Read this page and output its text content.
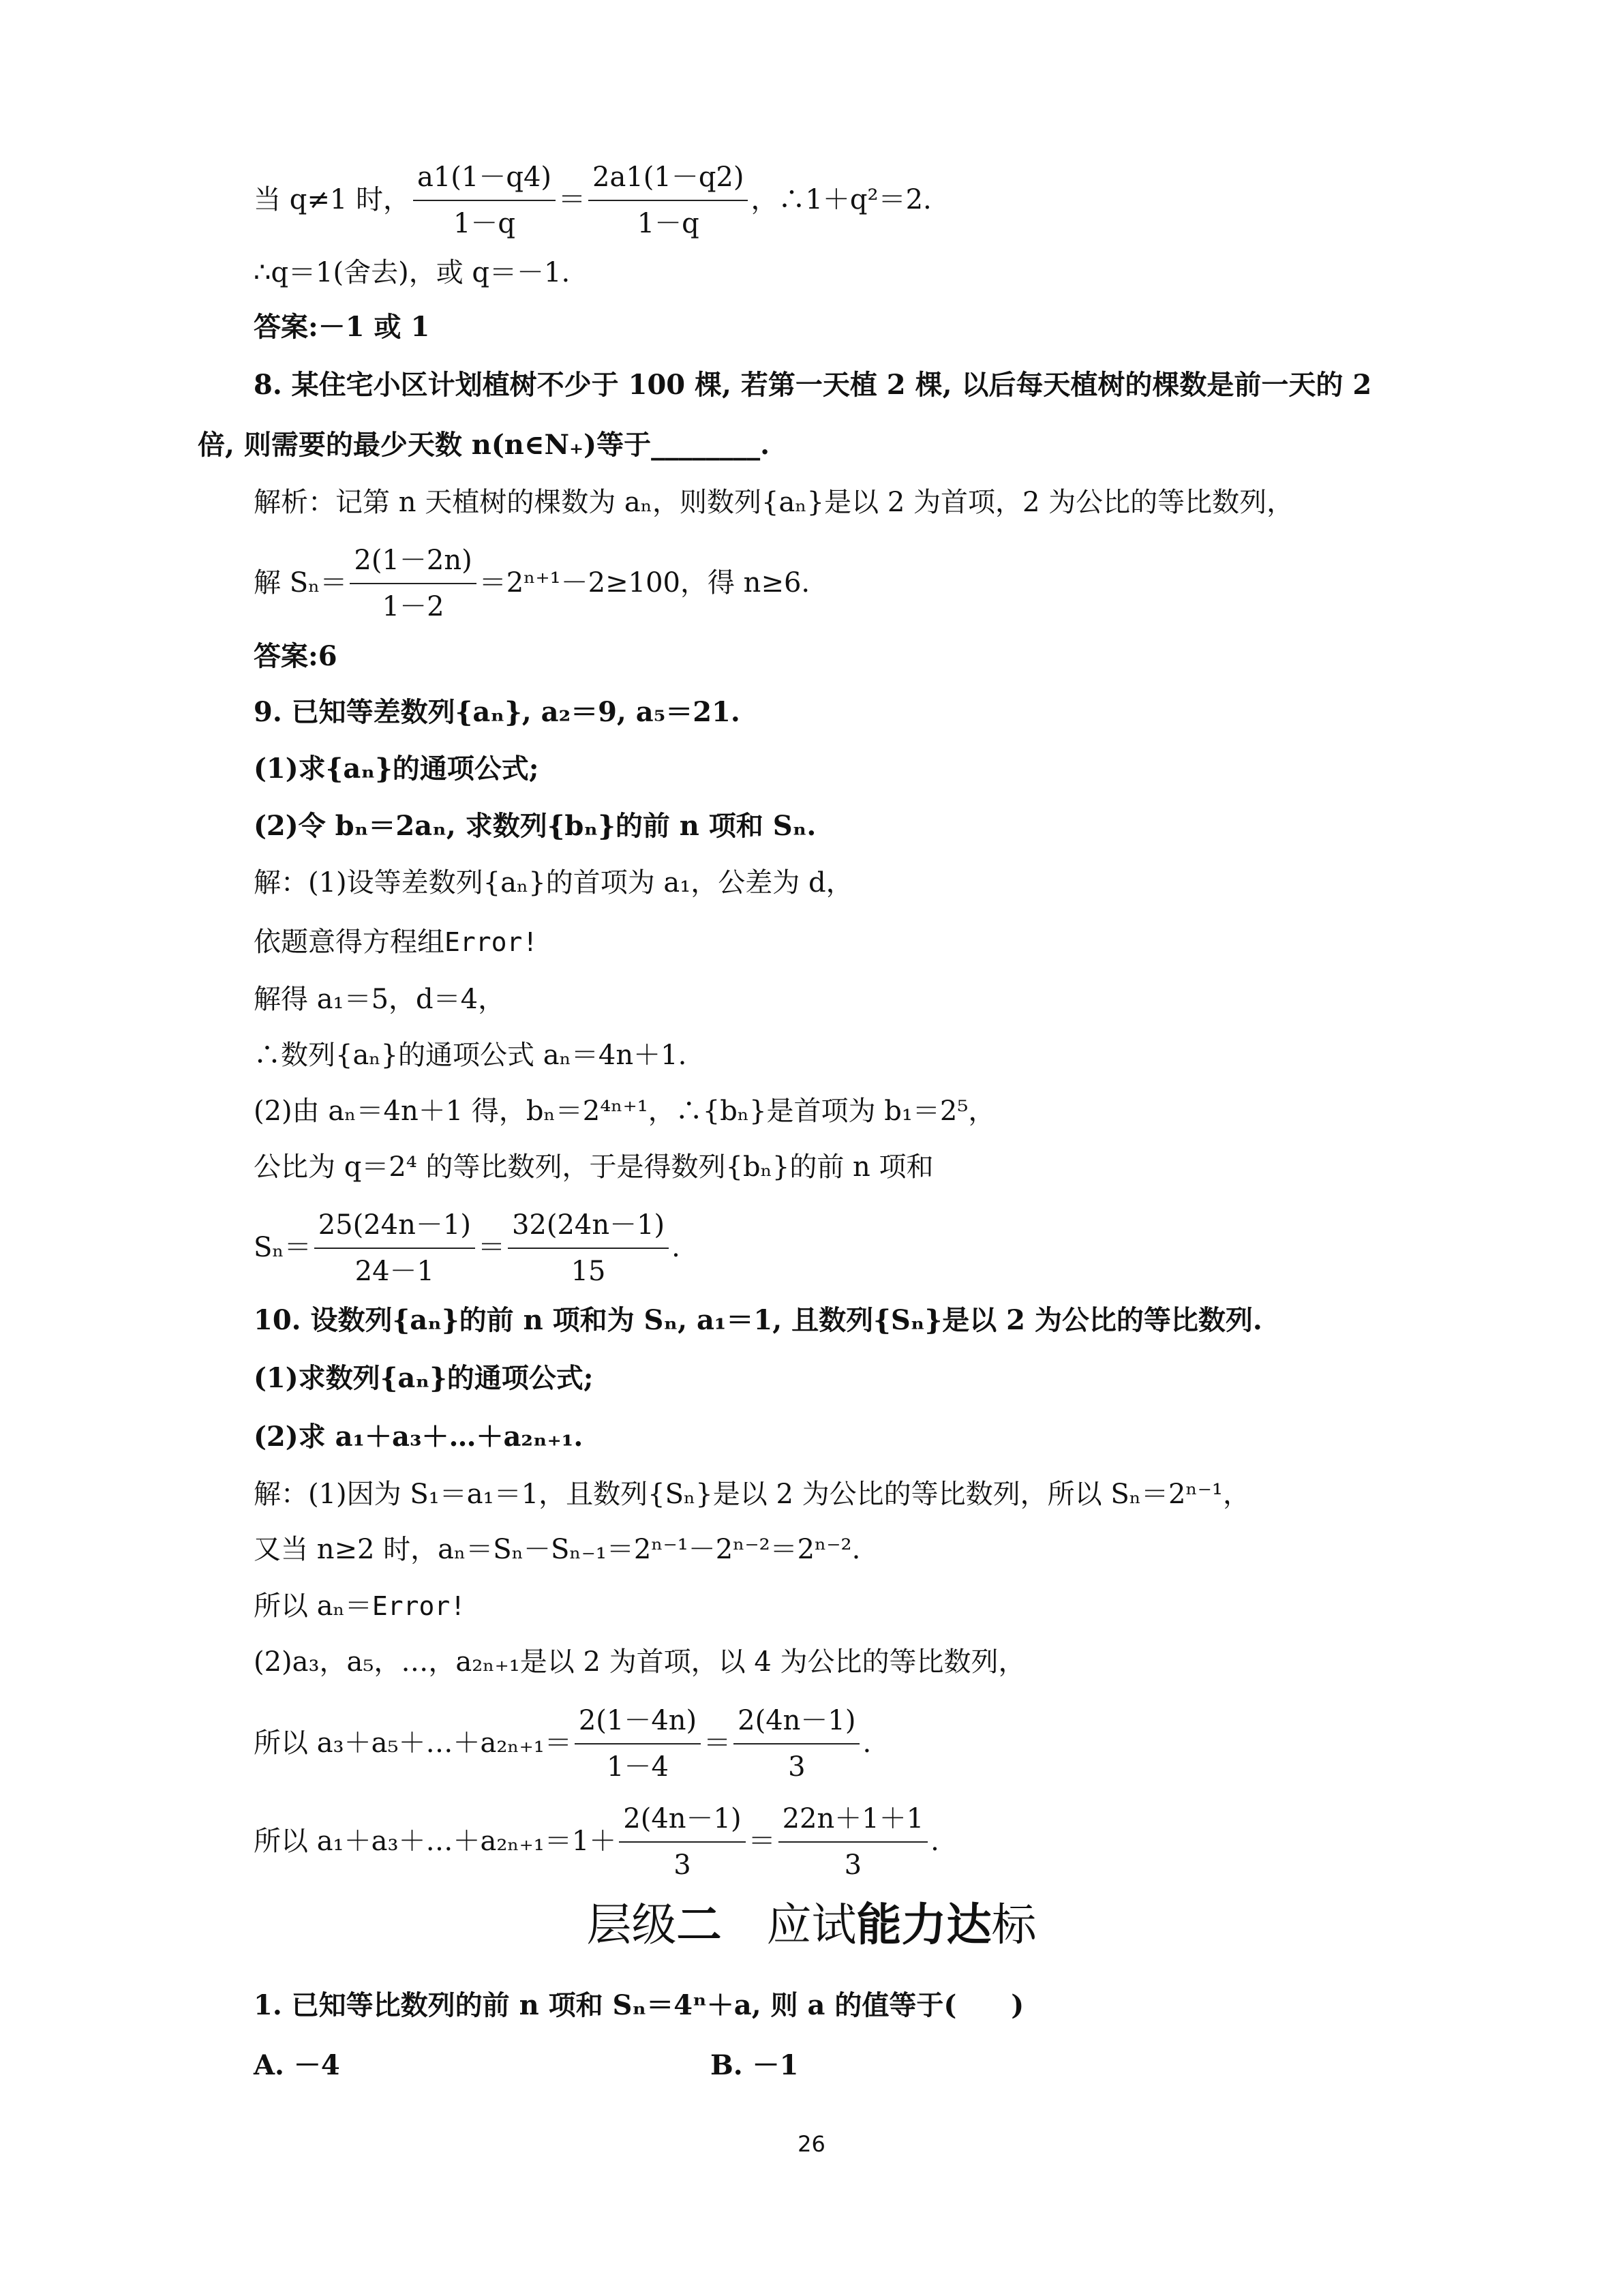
当 q≠1 时， $\frac{a1(1-q4)}{1-q} = \frac{2a1(1-q2)}{1-q}$ ，∴1＋q²＝2.
∴q＝1(舍去)，或 q＝－1.
答案:－1 或 1
8. 某住宅小区计划植树不少于 100 棵, 若第一天植 2 棵, 以后每天植树的棵数是前一天的 2
倍, 则需要的最少天数 n(n∈N₊)等于________.
解析：记第 n 天植树的棵数为 aₙ，则数列{aₙ}是以 2 为首项，2 为公比的等比数列，
解 $S_n= \frac{2(1-2n)}{1-2} =2^{n+1}-2\ge 100$，得 n≥6.
答案:6
9. 已知等差数列{aₙ}, a₂＝9, a₅＝21.
(1)求{aₙ}的通项公式;
(2)令 bₙ＝2aₙ, 求数列{bₙ}的前 n 项和 Sₙ.
解：(1)设等差数列{aₙ}的首项为 a₁，公差为 d，
依题意得方程组Error!
解得 a₁＝5，d＝4，
∴数列{aₙ}的通项公式 aₙ＝4n＋1.
(2)由 aₙ＝4n＋1 得，bₙ＝2⁴ⁿ⁺¹，∴{bₙ}是首项为 b₁＝2⁵，
公比为 q＝2⁴ 的等比数列，于是得数列{bₙ}的前 n 项和
$S_n= \frac{25(24n-1)}{24-1} = \frac{32(24n-1)}{15}$ .
10. 设数列{aₙ}的前 n 项和为 Sₙ, a₁＝1, 且数列{Sₙ}是以 2 为公比的等比数列.
(1)求数列{aₙ}的通项公式;
(2)求 a₁＋a₃＋…＋a₂ₙ₊₁.
解：(1)因为 S₁＝a₁＝1，且数列{Sₙ}是以 2 为公比的等比数列，所以 Sₙ＝2ⁿ⁻¹，
又当 n≥2 时，aₙ＝Sₙ－Sₙ₋₁＝2ⁿ⁻¹－2ⁿ⁻²＝2ⁿ⁻².
所以 aₙ＝Error!
(2)a₃，a₅，…，a₂ₙ₊₁是以 2 为首项，以 4 为公比的等比数列，
所以 a₃＋a₅＋…＋a₂ₙ₊₁＝ $\frac{2(1-4n)}{1-4} = \frac{2(4n-1)}{3}$ .
所以 a₁＋a₃＋…＋a₂ₙ₊₁＝1＋ $\frac{2(4n-1)}{3} = \frac{22n+1+1}{3}$ .
层级二　 应试能力达标
1. 已知等比数列的前 n 项和 Sₙ＝4ⁿ＋a, 则 a 的值等于(　　)
A. －4	B. －1
26
